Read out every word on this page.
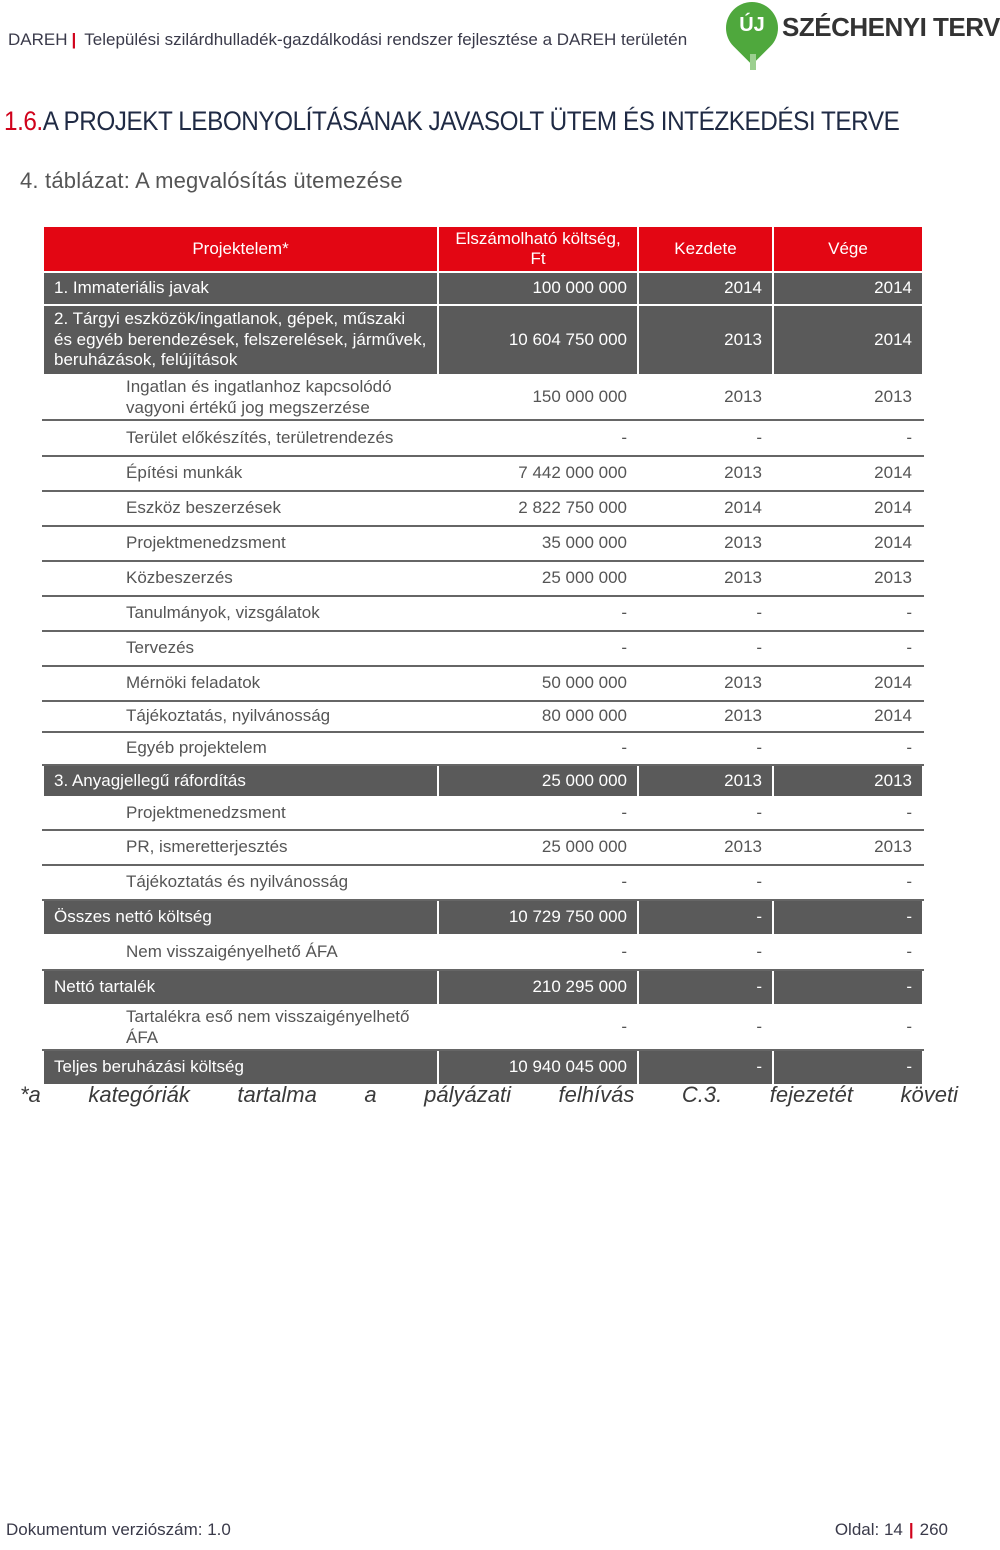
DAREH | Települési szilárdhulladék-gazdálkodási rendszer fejlesztése a DAREH területén
ÚJ SZÉCHENYI TERV
1.6.A PROJEKT LEBONYOLÍTÁSÁNAK JAVASOLT ÜTEM ÉS INTÉZKEDÉSI TERVE
4. táblázat: A megvalósítás ütemezése
Projektelem*	Elszámolható költség, Ft	Kezdete	Vége
1. Immateriális javak	100 000 000	2014	2014
2. Tárgyi eszközök/ingatlanok, gépek, műszaki és egyéb berendezések, felszerelések, járművek, beruházások, felújítások	10 604 750 000	2013	2014
Ingatlan és ingatlanhoz kapcsolódó vagyoni értékű jog megszerzése	150 000 000	2013	2013
Terület előkészítés, területrendezés	-	-	-
Építési munkák	7 442 000 000	2013	2014
Eszköz beszerzések	2 822 750 000	2014	2014
Projektmenedzsment	35 000 000	2013	2014
Közbeszerzés	25 000 000	2013	2013
Tanulmányok, vizsgálatok	-	-	-
Tervezés	-	-	-
Mérnöki feladatok	50 000 000	2013	2014
Tájékoztatás, nyilvánosság	80 000 000	2013	2014
Egyéb projektelem	-	-	-
3. Anyagjellegű ráfordítás	25 000 000	2013	2013
Projektmenedzsment	-	-	-
PR, ismeretterjesztés	25 000 000	2013	2013
Tájékoztatás és nyilvánosság	-	-	-
Összes nettó költség	10 729 750 000	-	-
Nem visszaigényelhető ÁFA	-	-	-
Nettó tartalék	210 295 000	-	-
Tartalékra eső nem visszaigényelhető ÁFA	-	-	-
Teljes beruházási költség	10 940 045 000	-	-
*a kategóriák tartalma a pályázati felhívás C.3. fejezetét követi
Dokumentum verziószám: 1.0	Oldal: 14 | 260
